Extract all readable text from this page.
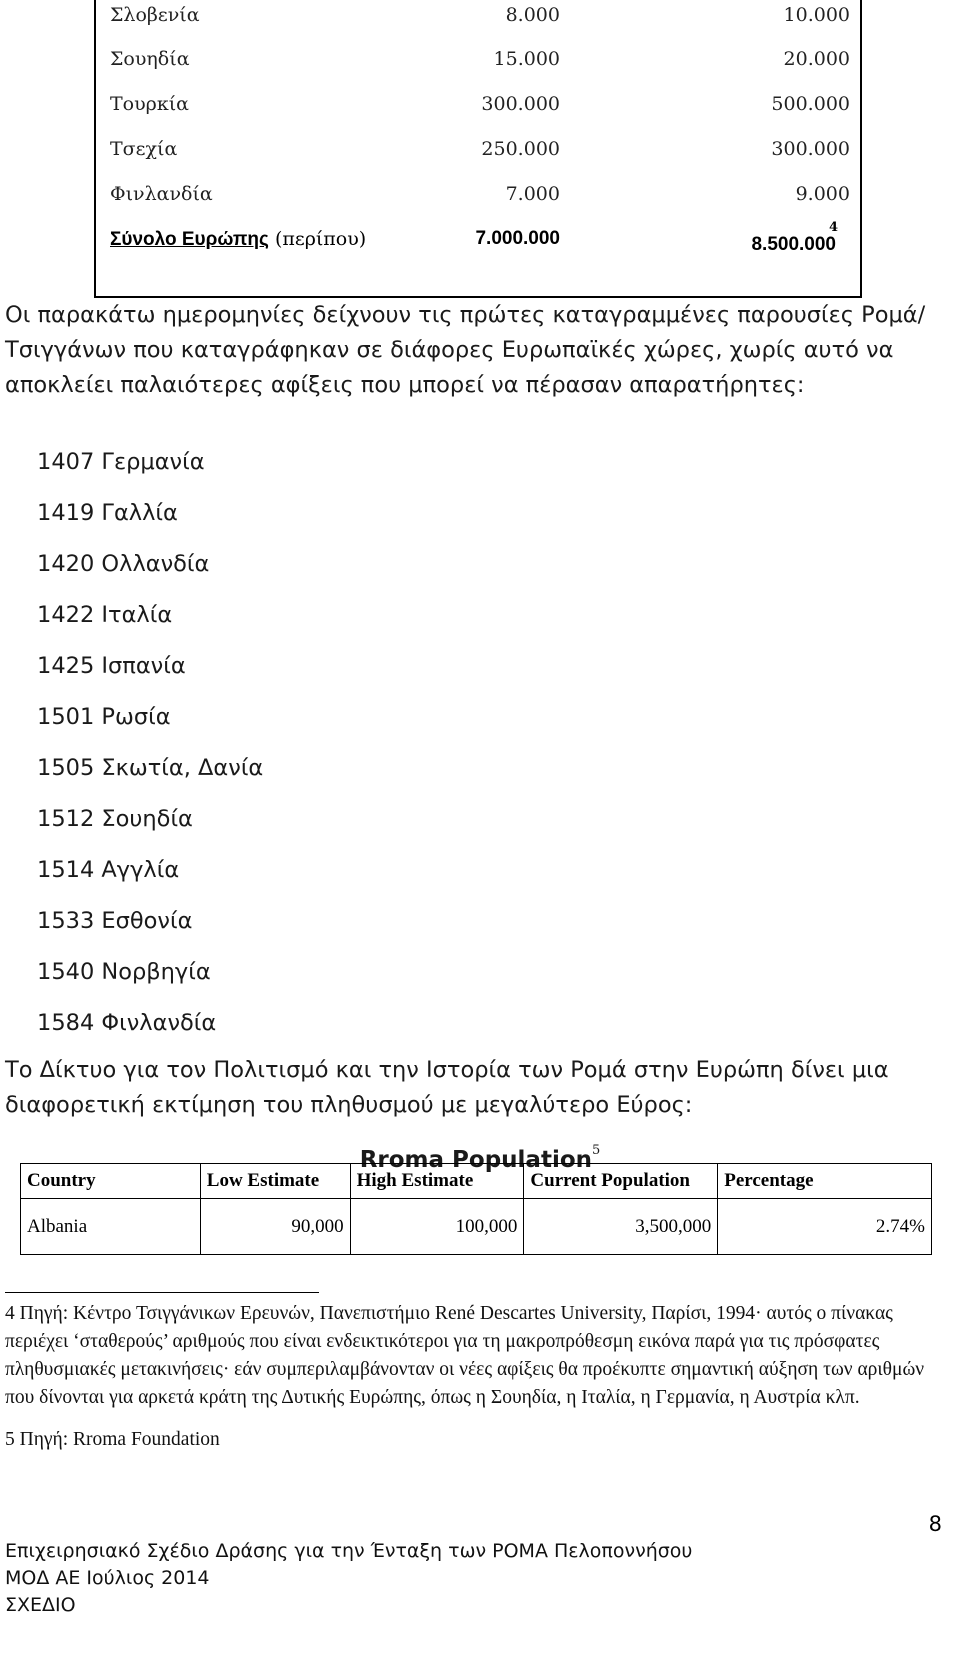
Σλοβενία	8.000	10.000
Σουηδία	15.000	20.000
Τουρκία	300.000	500.000
Τσεχία	250.000	300.000
Φινλανδία	7.000	9.000
Σύνολο Ευρώπης (περίπου)	7.000.000	8.500.000
4
Οι παρακάτω ημερομηνίες δείχνουν τις πρώτες καταγραμμένες παρουσίες Ρομά/Τσιγγάνων που καταγράφηκαν σε διάφορες Ευρωπαϊκές χώρες, χωρίς αυτό να αποκλείει παλαιότερες αφίξεις που μπορεί να πέρασαν απαρατήρητες:
1407 Γερμανία
1419 Γαλλία
1420 Ολλανδία
1422 Ιταλία
1425 Ισπανία
1501 Ρωσία
1505 Σκωτία, Δανία
1512 Σουηδία
1514 Αγγλία
1533 Εσθονία
1540 Νορβηγία
1584 Φινλανδία
Το Δίκτυο για τον Πολιτισμό και την Ιστορία των Ρομά στην Ευρώπη δίνει μια διαφορετική εκτίμηση του πληθυσμού με μεγαλύτερο Εύρος:
Rroma Population$^5$
Country	Low Estimate	High Estimate	Current Population	Percentage
Albania	90,000	100,000	3,500,000	2.74%
4 Πηγή: Κέντρο Τσιγγάνικων Ερευνών, Πανεπιστήμιο René Descartes University, Παρίσι, 1994· αυτός ο πίνακας περιέχει ‘σταθερούς’ αριθμούς που είναι ενδεικτικότεροι για τη μακροπρόθεσμη εικόνα παρά για τις πρόσφατες πληθυσμιακές μετακινήσεις· εάν συμπεριλαμβάνονταν οι νέες αφίξεις θα προέκυπτε σημαντική αύξηση των αριθμών που δίνονται για αρκετά κράτη της Δυτικής Ευρώπης, όπως η Σουηδία, η Ιταλία, η Γερμανία, η Αυστρία κλπ.
5 Πηγή: Rroma Foundation
8
Επιχειρησιακό Σχέδιο Δράσης για την Ένταξη των ΡΟΜΑ Πελοποννήσου
ΜΟΔ ΑΕ Ιούλιος 2014
ΣΧΕΔΙΟ
